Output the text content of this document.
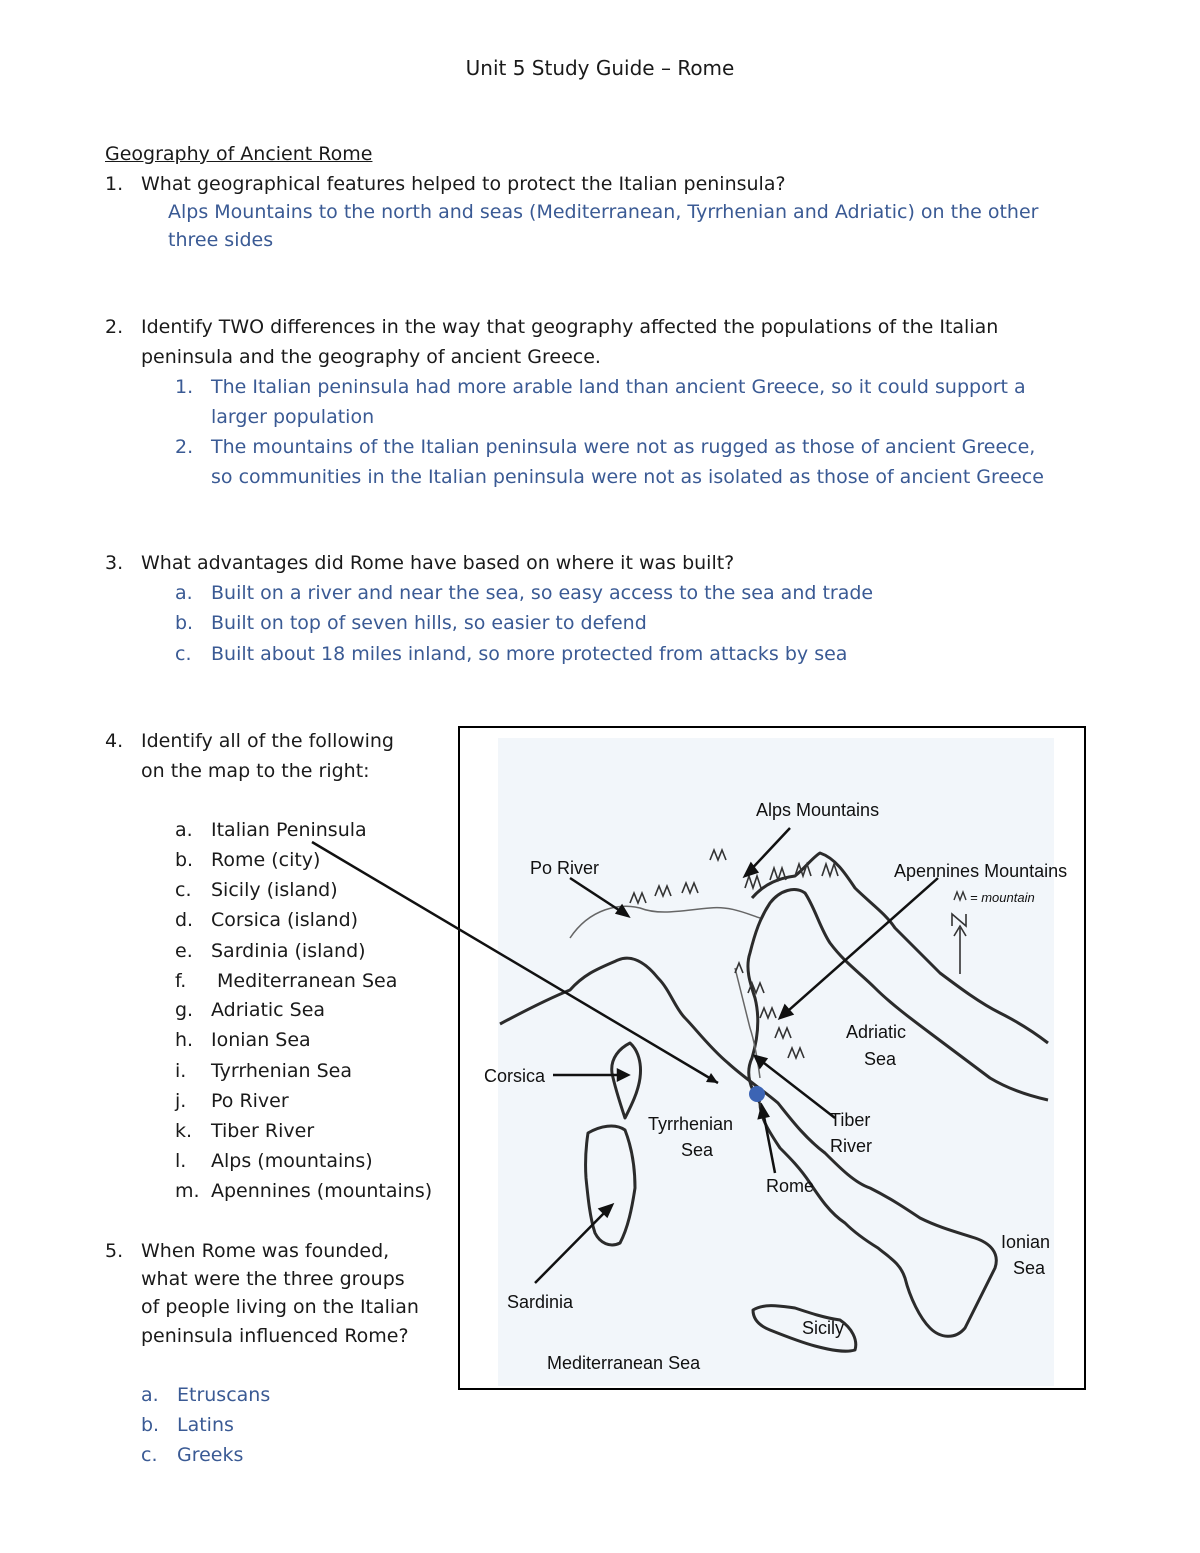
Unit 5 Study Guide – Rome
Geography of Ancient Rome
1. What geographical features helped to protect the Italian peninsula?
Alps Mountains to the north and seas (Mediterranean, Tyrrhenian and Adriatic) on the other
three sides
2. Identify TWO differences in the way that geography affected the populations of the Italian
peninsula and the geography of ancient Greece.
1. The Italian peninsula had more arable land than ancient Greece, so it could support a
larger population
2. The mountains of the Italian peninsula were not as rugged as those of ancient Greece,
so communities in the Italian peninsula were not as isolated as those of ancient Greece
3. What advantages did Rome have based on where it was built?
a. Built on a river and near the sea, so easy access to the sea and trade
b. Built on top of seven hills, so easier to defend
c. Built about 18 miles inland, so more protected from attacks by sea
4. Identify all of the following
on the map to the right:
a. Italian Peninsula
b. Rome (city)
c. Sicily (island)
d. Corsica (island)
e. Sardinia (island)
f. Mediterranean Sea
g. Adriatic Sea
h. Ionian Sea
i. Tyrrhenian Sea
j. Po River
k. Tiber River
l. Alps (mountains)
m. Apennines (mountains)
5. When Rome was founded,
what were the three groups
of people living on the Italian
peninsula influenced Rome?
a. Etruscans
b. Latins
c. Greeks
Alps Mountains
Po River	Apennines Mountains
= mountain
Adriatic
Sea
Corsica
Tyrrhenian
Sea
Tiber
River
Rome
Ionian
Sea
Sardinia
Sicily
Mediterranean Sea
